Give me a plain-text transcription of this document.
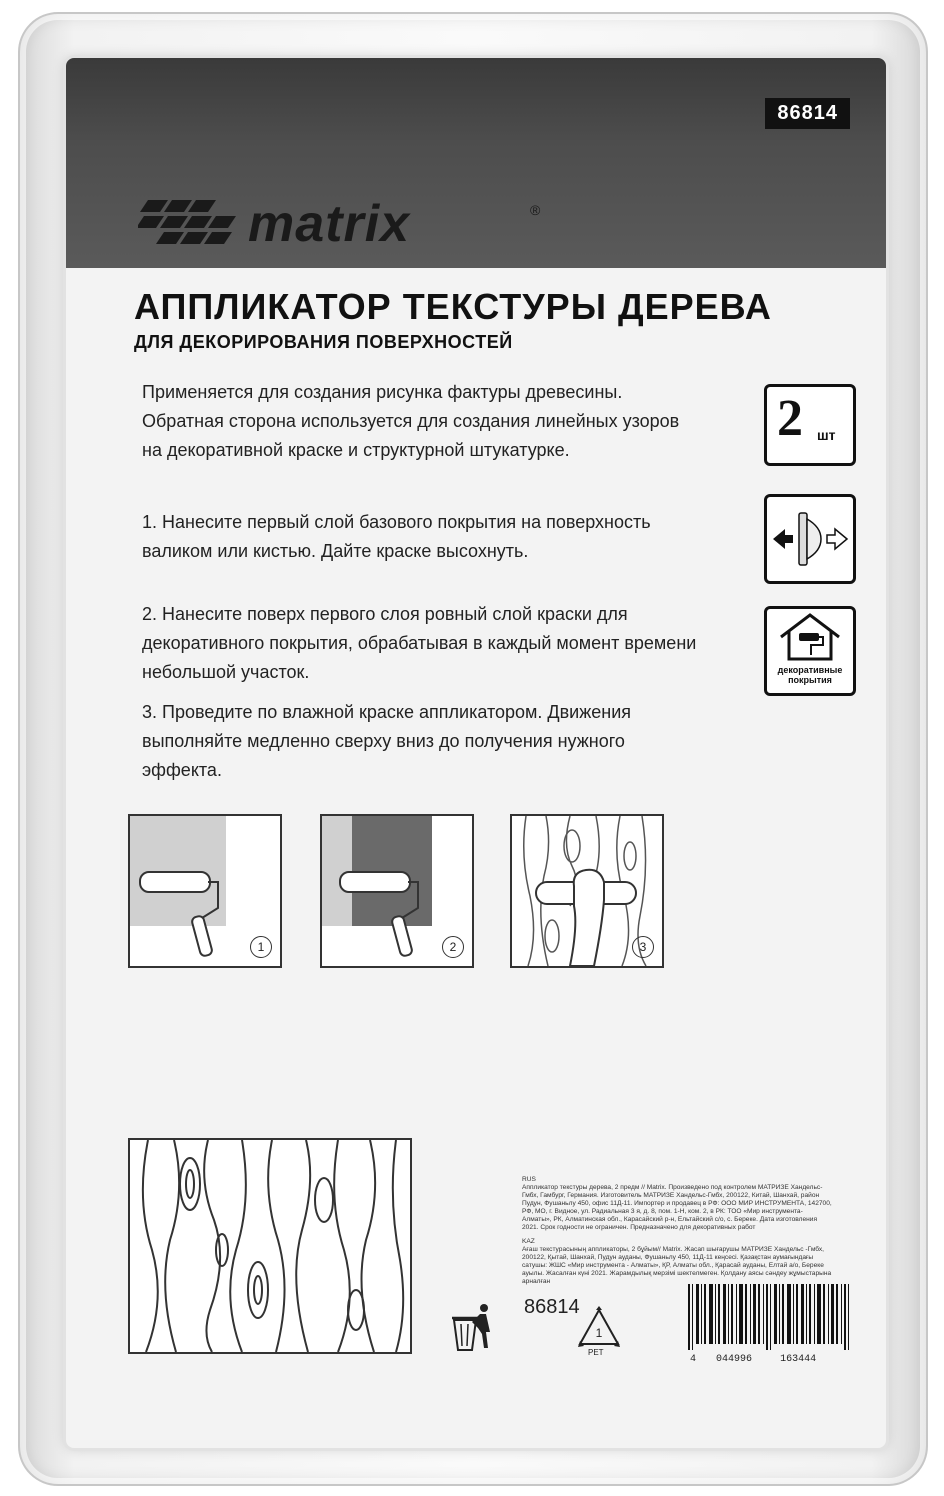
86814
matrix	®
АППЛИКАТОР ТЕКСТУРЫ ДЕРЕВА
ДЛЯ ДЕКОРИРОВАНИЯ ПОВЕРХНОСТЕЙ
Применяется для создания рисунка фактуры древесины. Обратная сторона используется для создания линейных узоров на декоративной краске и структурной штукатурке.
1. Нанесите первый слой базового покрытия на поверхность валиком или кистью. Дайте краске высохнуть.
2. Нанесите поверх первого слоя ровный слой краски для декоративного покрытия, обрабатывая в каждый момент времени небольшой участок.
3. Проведите по влажной краске аппликатором. Движения выполняйте медленно сверху вниз до получения нужного эффекта.
2 шт
декоративные
покрытия
1	2	3
RUS
Аппликатор текстуры дерева, 2 предм // Matrix. Произведено под контролем МАТРИЗЕ Хандельс-Гмбх, Гамбург, Германия. Изготовитель МАТРИЗЕ Хандельс-Гмбх, 200122, Китай, Шанхай, район Пудун, Фушаньлу 450, офис 11Д-11. Импортер и продавец в РФ: ООО МИР ИНСТРУМЕНТА, 142700, РФ, МО, г. Видное, ул. Радиальная 3 я, д. 8, пом. 1-Н, ком. 2, в РК: ТОО «Мир инструмента-Алматы», РК, Алматинская обл., Карасайский р-н, Ельтайский с/о, с. Береке. Дата изготовления 2021. Срок годности не ограничен. Предназначено для декоративных работ
KAZ
Ағаш текстурасының аппликаторы, 2 бұйым// Matrix. Жасап шығарушы МАТРИЗЕ Хандельс -Гмбх, 200122, Қытай, Шанхай, Пудун ауданы, Фушаньлу 450, 11Д-11 кеңсесі. Қазақстан аумағындағы сатушы: ЖШС «Мир инструмента - Алматы», ҚР, Алматы обл., Қарасай ауданы, Елтай а/о, Береке ауылы. Жасалған күні 2021. Жарамдылық мерзімі шектелмеген. Қолдану аясы сәндеу жұмыстарына арналған
86814
1
PET
4 044996	163444
